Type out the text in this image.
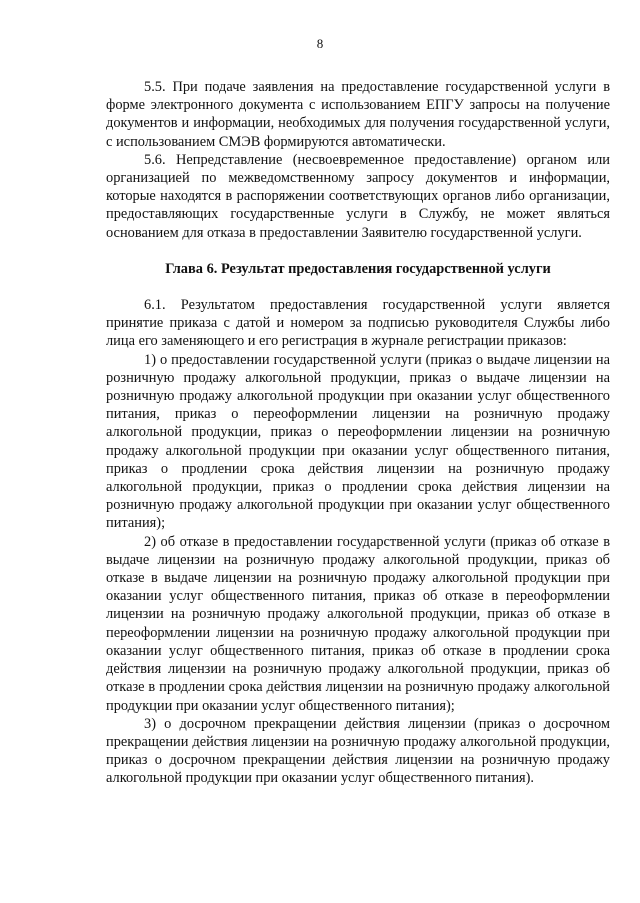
8

5.5. При подаче заявления на предоставление государственной услуги в форме электронного документа с использованием ЕПГУ запросы на получение документов и информации, необходимых для получения государственной услуги, с использованием СМЭВ формируются автоматически.

5.6. Непредставление (несвоевременное предоставление) органом или организацией по межведомственному запросу документов и информации, которые находятся в распоряжении соответствующих органов либо организации, предоставляющих государственные услуги в Службу, не может являться основанием для отказа в предоставлении Заявителю государственной услуги.

Глава 6. Результат предоставления государственной услуги

6.1. Результатом предоставления государственной услуги является принятие приказа с датой и номером за подписью руководителя Службы либо лица его заменяющего и его регистрация в журнале регистрации приказов:

1) о предоставлении государственной услуги (приказ о выдаче лицензии на розничную продажу алкогольной продукции, приказ о выдаче лицензии на розничную продажу алкогольной продукции при оказании услуг общественного питания, приказ о переоформлении лицензии на розничную продажу алкогольной продукции, приказ о переоформлении лицензии на розничную продажу алкогольной продукции при оказании услуг общественного питания, приказ о продлении срока действия лицензии на розничную продажу алкогольной продукции, приказ о продлении срока действия лицензии на розничную продажу алкогольной продукции при оказании услуг общественного питания);

2) об отказе в предоставлении государственной услуги (приказ об отказе в выдаче лицензии на розничную продажу алкогольной продукции, приказ об отказе в выдаче лицензии на розничную продажу алкогольной продукции при оказании услуг общественного питания, приказ об отказе в переоформлении лицензии на розничную продажу алкогольной продукции, приказ об отказе в переоформлении лицензии на розничную продажу алкогольной продукции при оказании услуг общественного питания, приказ об отказе в продлении срока действия лицензии на розничную продажу алкогольной продукции, приказ об отказе в продлении срока действия лицензии на розничную продажу алкогольной продукции при оказании услуг общественного питания);

3) о досрочном прекращении действия лицензии (приказ о досрочном прекращении действия лицензии на розничную продажу алкогольной продукции, приказ о досрочном прекращении действия лицензии на розничную продажу алкогольной продукции при оказании услуг общественного питания).
